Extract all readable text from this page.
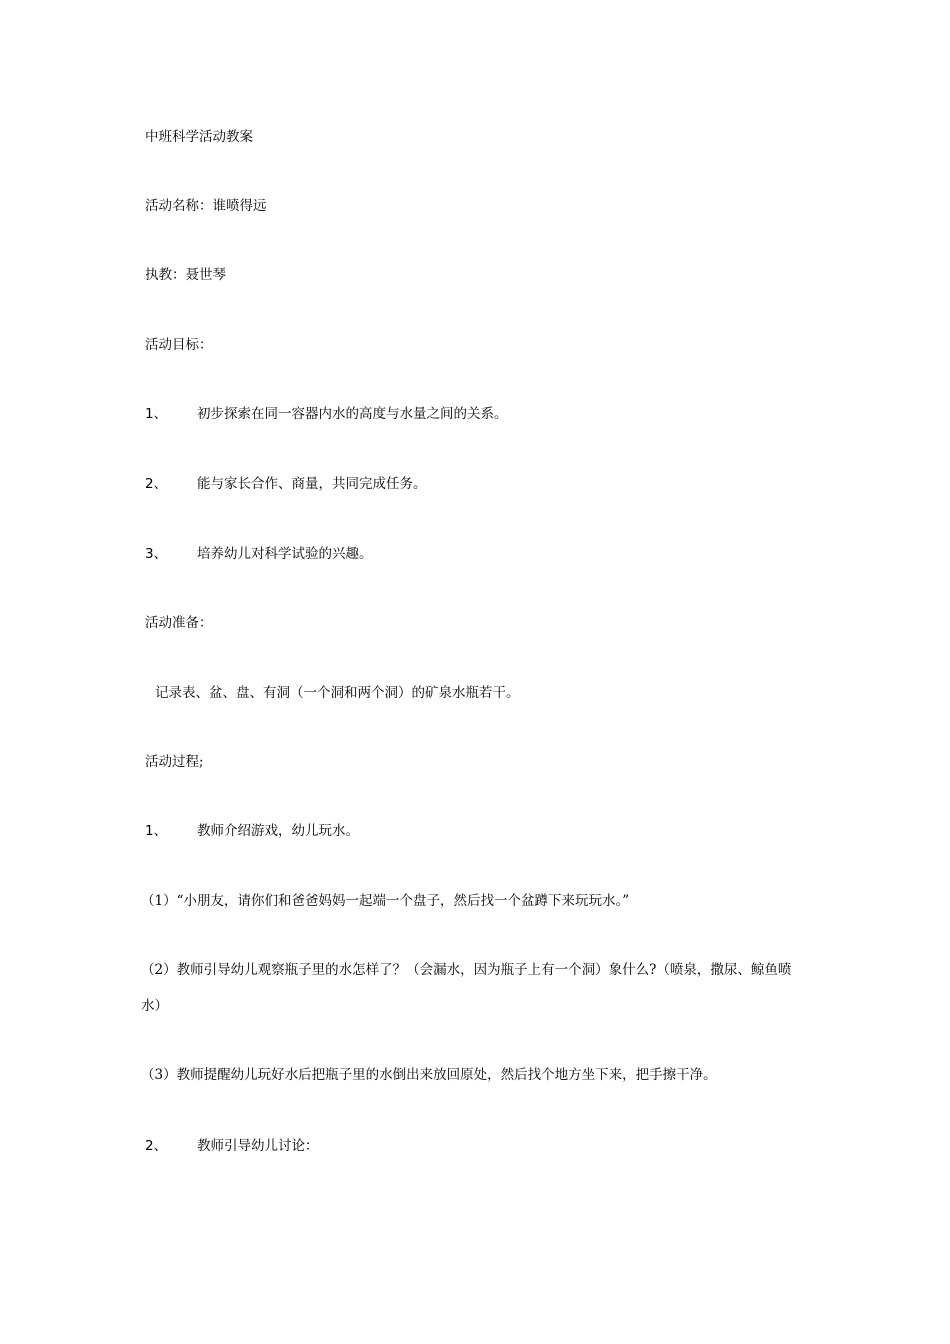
中班科学活动教案
活动名称：谁喷得远
执教：聂世琴
活动目标：
1、 初步探索在同一容器内水的高度与水量之间的关系。
2、 能与家长合作、商量，共同完成任务。
3、 培养幼儿对科学试验的兴趣。
活动准备：
记录表、盆、盘、有洞（一个洞和两个洞）的矿泉水瓶若干。
活动过程;
1、 教师介绍游戏，幼儿玩水。
（1）“小朋友，请你们和爸爸妈妈一起端一个盘子，然后找一个盆蹲下来玩玩水。”
（2）教师引导幼儿观察瓶子里的水怎样了？（会漏水，因为瓶子上有一个洞）象什么?（喷泉，撒尿、鲸鱼喷水）
（3）教师提醒幼儿玩好水后把瓶子里的水倒出来放回原处，然后找个地方坐下来，把手擦干净。
2、 教师引导幼儿讨论：
